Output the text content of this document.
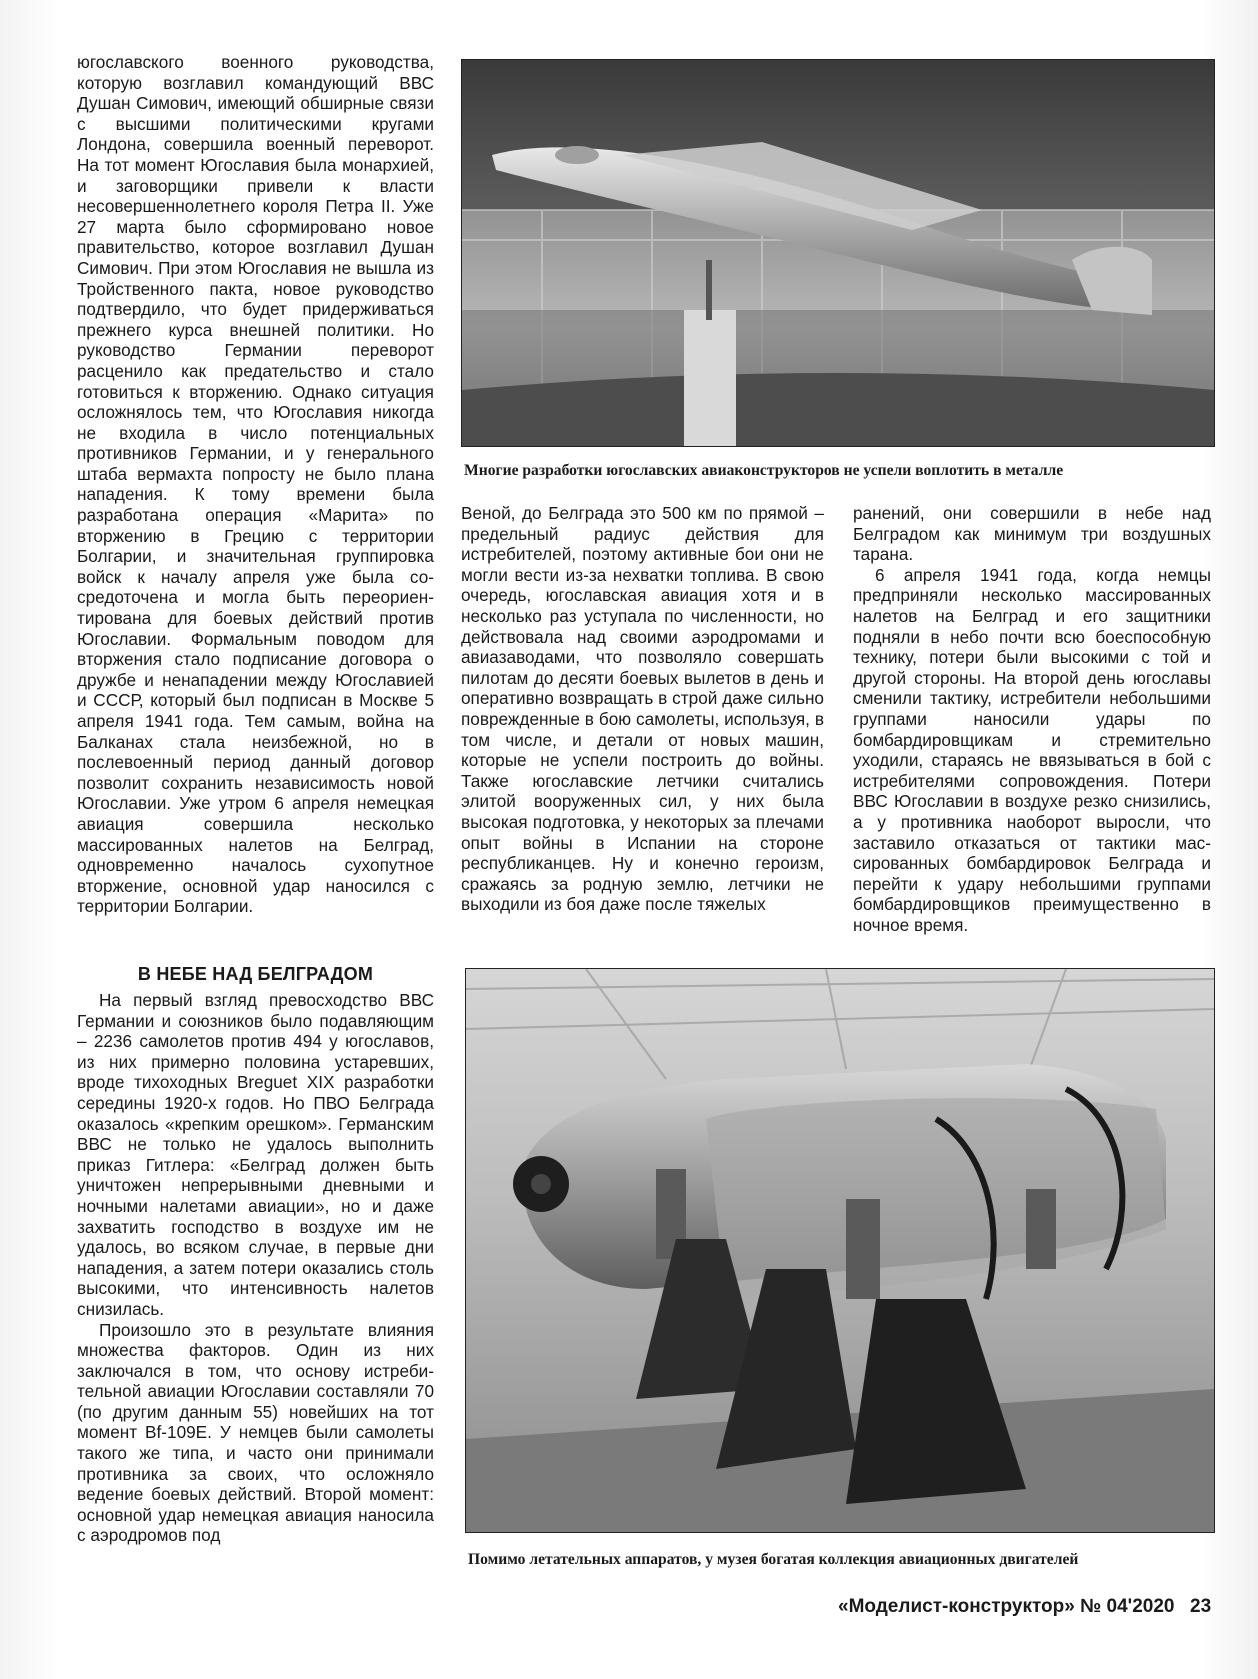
югославского военного руководства, которую возглавил командующий ВВС Душан Симович, имеющий обширные связи с высшими политическими кругами Лондона, совершила военный переворот. На тот момент Югославия была монархией, и заговорщики привели к власти несовершеннолетнего короля Петра II. Уже 27 марта было сформировано новое правительство, которое возглавил Душан Симович. При этом Югославия не вышла из Тройственного пакта, новое руководство подтвердило, что будет придерживаться прежнего курса внешней политики. Но руководство Германии переворот расценило как предательство и стало готовиться к вторжению. Однако ситуация осложнялось тем, что Югославия никогда не входила в число потенциальных противников Германии, и у генерального штаба вермахта попросту не было плана нападения. К тому времени была разработана операция «Марита» по вторжению в Грецию с территории Болгарии, и значительная группировка войск к началу апреля уже была сосредоточена и могла быть переориентирована для боевых действий против Югославии. Формальным поводом для вторжения стало подписание договора о дружбе и ненападении между Югославией и СССР, который был подписан в Москве 5 апреля 1941 года. Тем самым, война на Балканах стала неизбежной, но в послевоенный период данный договор позволит сохранить независимость новой Югославии. Уже утром 6 апреля немецкая авиация совершила несколько массированных налетов на Белград, одновременно началось сухопутное вторжение, основной удар наносился с территории Болгарии.

В НЕБЕ НАД БЕЛГРАДОМ

На первый взгляд превосходство ВВС Германии и союзников было подавляющим – 2236 самолетов против 494 у югославов, из них примерно половина устаревших, вроде тихоходных Breguet XIX разработки середины 1920-х годов. Но ПВО Белграда оказалось «крепким орешком». Германским ВВС не только не удалось выполнить приказ Гитлера: «Белград должен быть уничтожен непрерывными дневными и ночными налетами авиации», но и даже захватить господство в воздухе им не удалось, во всяком случае, в первые дни нападения, а затем потери оказались столь высокими, что интенсивность налетов снизилась.

Произошло это в результате влияния множества факторов. Один из них заключался в том, что основу истребительной авиации Югославии составляли 70 (по другим данным 55) новейших на тот момент Bf-109E. У немцев были самолеты такого же типа, и часто они принимали противника за своих, что осложняло ведение боевых действий. Второй момент: основной удар немецкая авиация наносила с аэродромов под

Многие разработки югославских авиаконструкторов не успели воплотить в металле

Веной, до Белграда это 500 км по прямой – предельный радиус действия для истребителей, поэтому активные бои они не могли вести из-за нехватки топлива. В свою очередь, югославская авиация хотя и в несколько раз уступала по численности, но действовала над своими аэродромами и авиазаводами, что позволяло совершать пилотам до десяти боевых вылетов в день и оперативно возвращать в строй даже сильно поврежденные в бою самолеты, используя, в том числе, и детали от новых машин, которые не успели построить до войны. Также югославские летчики считались элитой вооруженных сил, у них была высокая подготовка, у некоторых за плечами опыт войны в Испании на стороне республиканцев. Ну и конечно героизм, сражаясь за родную землю, летчики не выходили из боя даже после тяжелых

ранений, они совершили в небе над Белградом как минимум три воздушных тарана.

6 апреля 1941 года, когда немцы предприняли несколько массированных налетов на Белград и его защитники подняли в небо почти всю боеспособную технику, потери были высокими с той и другой стороны. На второй день югославы сменили тактику, истребители небольшими группами наносили удары по бомбардировщикам и стремительно уходили, стараясь не ввязываться в бой с истребителями сопровождения. Потери ВВС Югославии в воздухе резко снизились, а у противника наоборот выросли, что заставило отказаться от тактики массированных бомбардировок Белграда и перейти к удару небольшими группами бомбардировщиков преимущественно в ночное время.

Помимо летательных аппаратов, у музея богатая коллекция авиационных двигателей
«Моделист-конструктор» № 04'2020 23
